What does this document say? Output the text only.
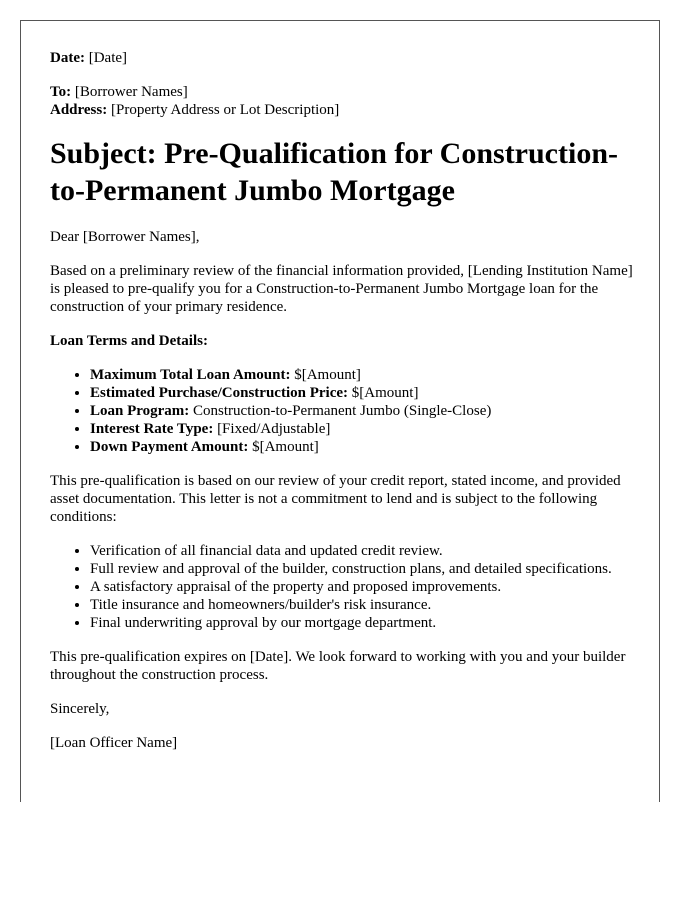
Date: [Date]

To: [Borrower Names]

Address: [Property Address or Lot Description]

Subject: Pre-Qualification for Construction-to-Permanent Jumbo Mortgage

Dear [Borrower Names],

Based on a preliminary review of the financial information provided, [Lending Institution Name] is pleased to pre-qualify you for a Construction-to-Permanent Jumbo Mortgage loan for the construction of your primary residence.

Loan Terms and Details:

• Maximum Total Loan Amount: $[Amount]
• Estimated Purchase/Construction Price: $[Amount]
• Loan Program: Construction-to-Permanent Jumbo (Single-Close)
• Interest Rate Type: [Fixed/Adjustable]
• Down Payment Amount: $[Amount]

This pre-qualification is based on our review of your credit report, stated income, and provided asset documentation. This letter is not a commitment to lend and is subject to the following conditions:

• Verification of all financial data and updated credit review.
• Full review and approval of the builder, construction plans, and detailed specifications.
• A satisfactory appraisal of the property and proposed improvements.
• Title insurance and homeowners/builder's risk insurance.
• Final underwriting approval by our mortgage department.

This pre-qualification expires on [Date]. We look forward to working with you and your builder throughout the construction process.

Sincerely,

[Loan Officer Name]
